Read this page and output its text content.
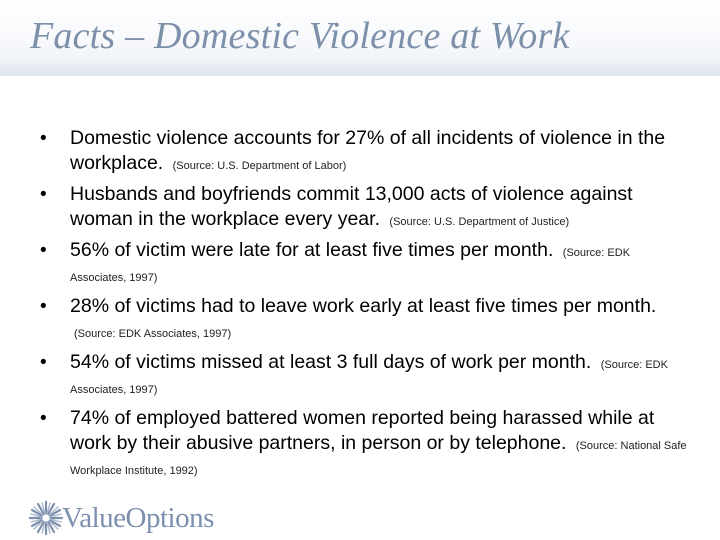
Facts – Domestic Violence at Work
• Domestic violence accounts for 27% of all incidents of violence in the workplace. (Source: U.S. Department of Labor)
• Husbands and boyfriends commit 13,000 acts of violence against woman in the workplace every year. (Source: U.S. Department of Justice)
• 56% of victim were late for at least five times per month. (Source: EDK Associates, 1997)
• 28% of victims had to leave work early at least five times per month. (Source: EDK Associates, 1997)
• 54% of victims missed at least 3 full days of work per month. (Source: EDK Associates, 1997)
• 74% of employed battered women reported being harassed while at work by their abusive partners, in person or by telephone. (Source: National Safe Workplace Institute, 1992)
ValueOptions
